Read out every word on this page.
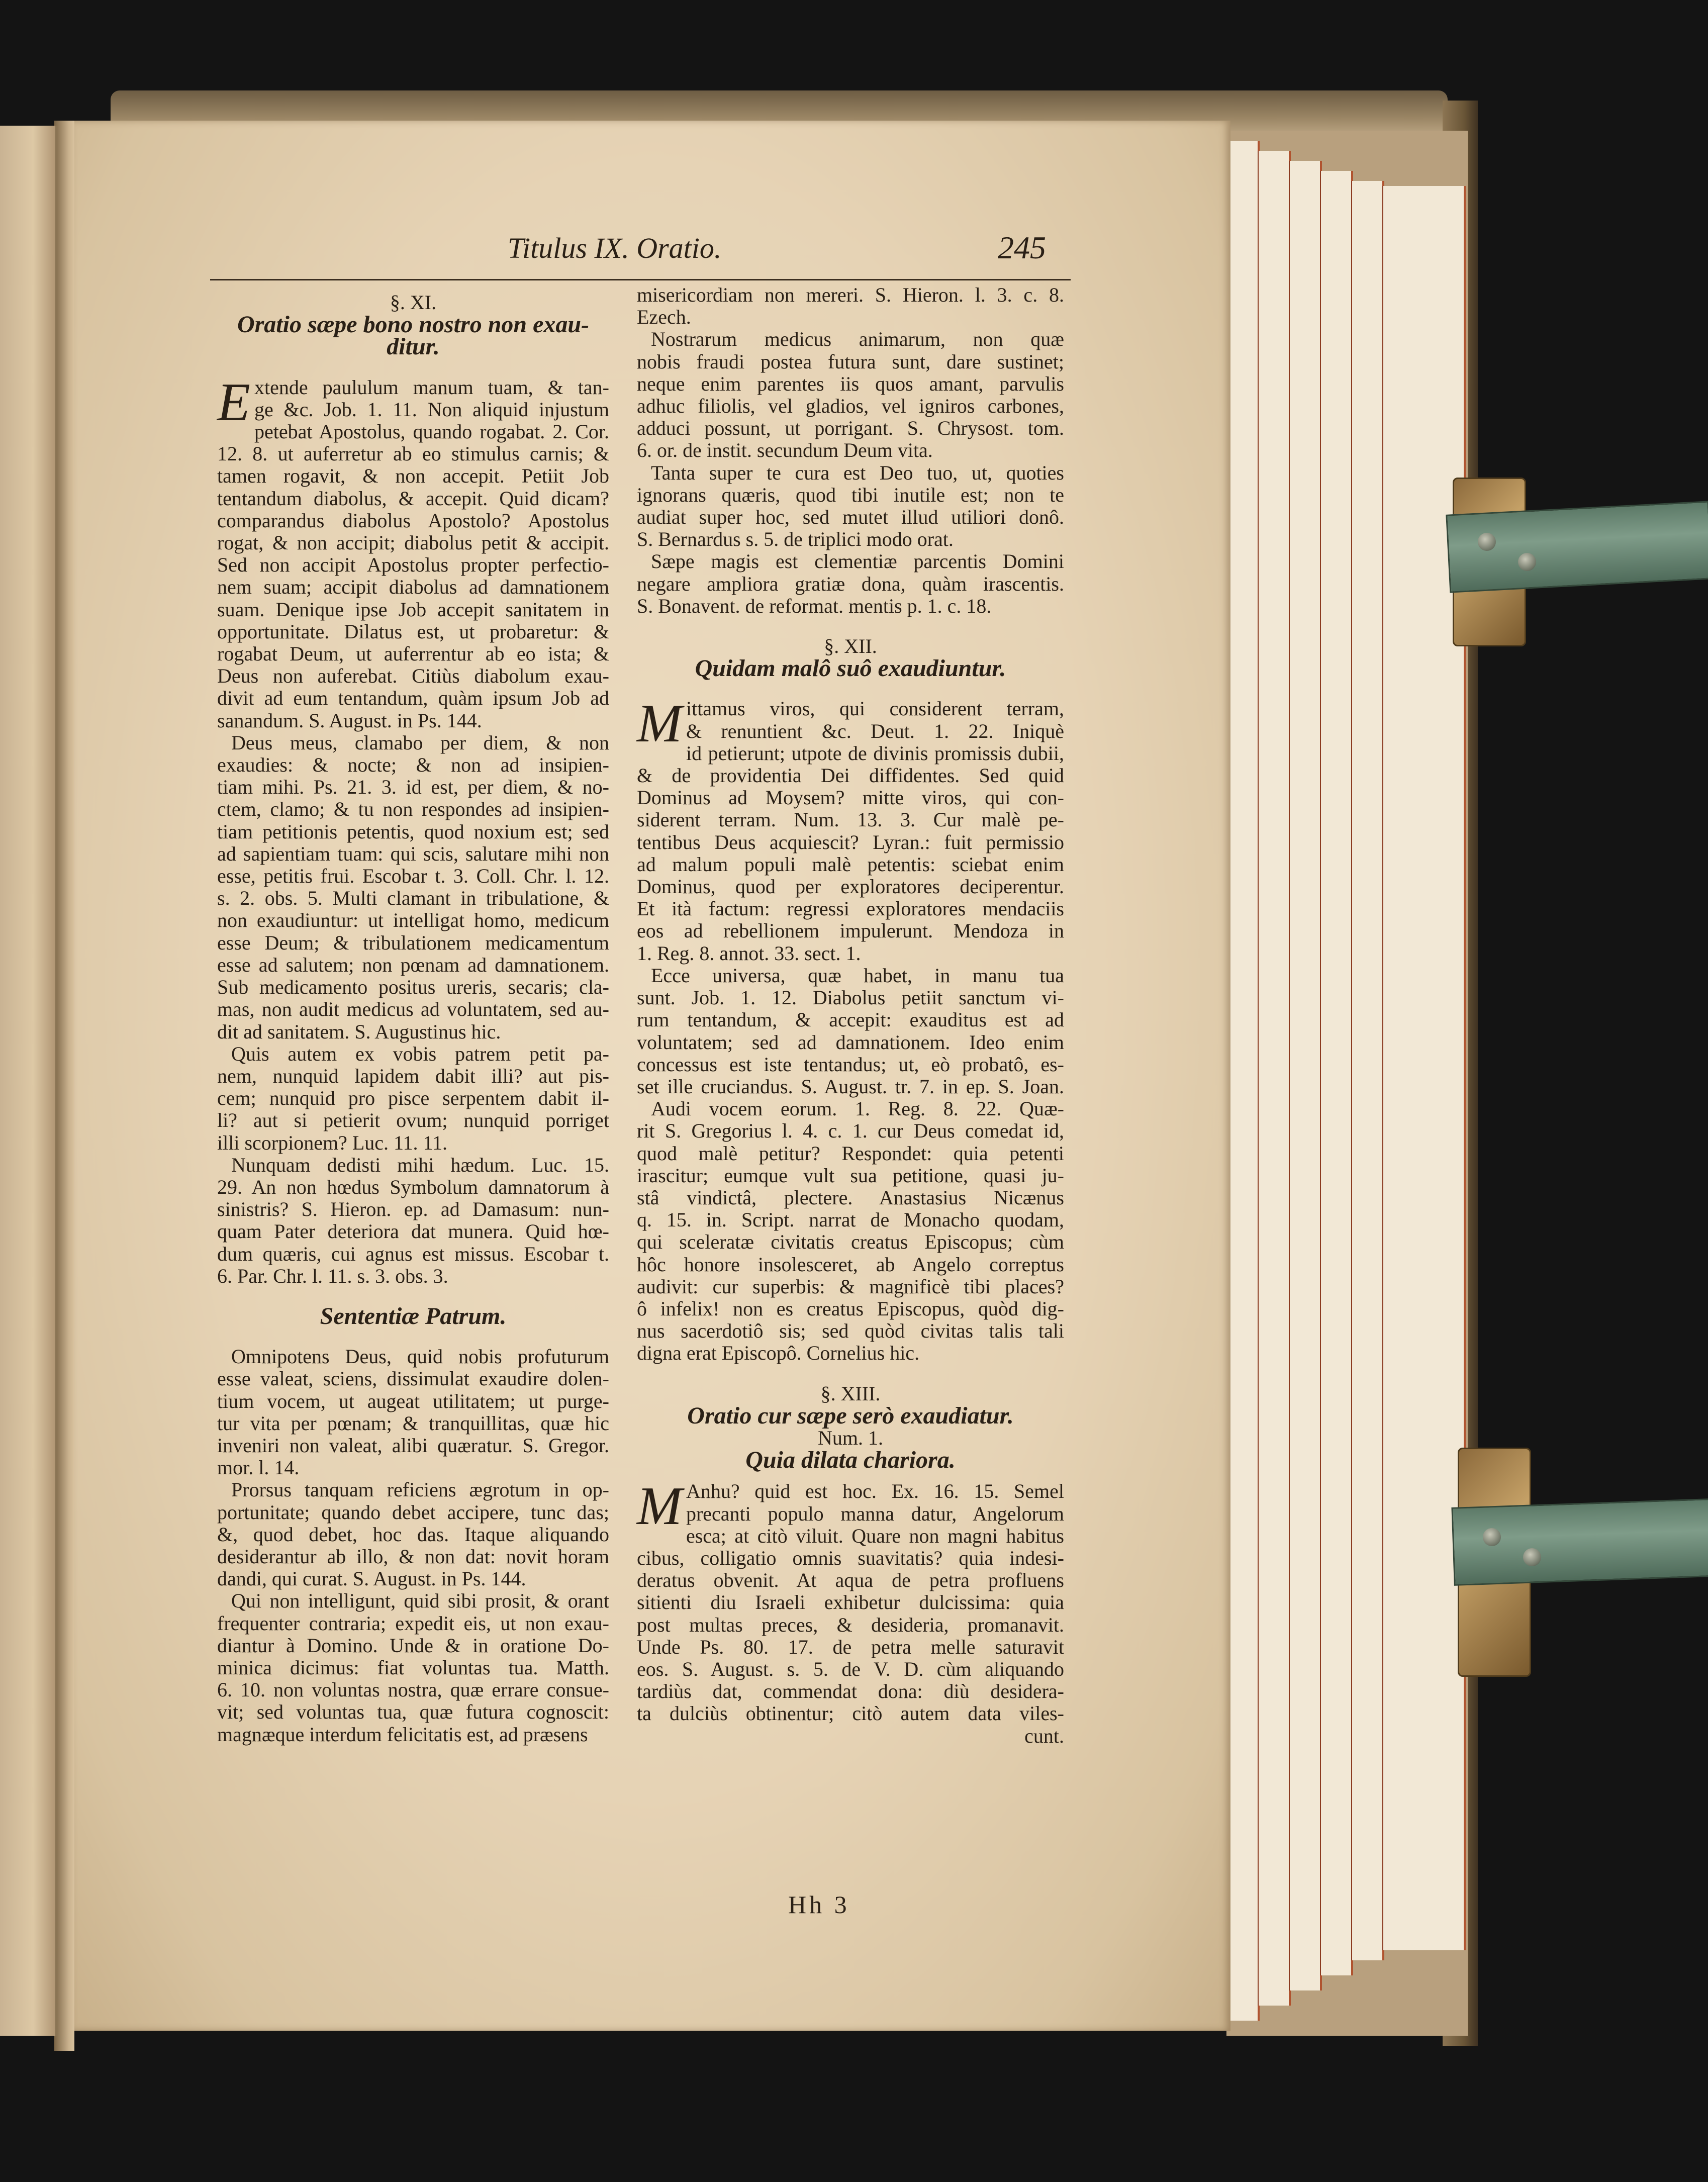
Titulus IX. Oratio.	245
§. XI.
Oratio sæpe bono nostro non exau-
ditur.
E xtende paululum manum tuam, & tan-
ge &c. Job. 1. 11. Non aliquid injustum
petebat Apostolus, quando rogabat. 2. Cor.
12. 8. ut auferretur ab eo stimulus carnis; &
tamen rogavit, & non accepit. Petiit Job
tentandum diabolus, & accepit. Quid dicam?
comparandus diabolus Apostolo? Apostolus
rogat, & non accipit; diabolus petit & accipit.
Sed non accipit Apostolus propter perfectio-
nem suam; accipit diabolus ad damnationem
suam. Denique ipse Job accepit sanitatem in
opportunitate. Dilatus est, ut probaretur: &
rogabat Deum, ut auferrentur ab eo ista; &
Deus non auferebat. Citiùs diabolum exau-
divit ad eum tentandum, quàm ipsum Job ad
sanandum. S. August. in Ps. 144.
Deus meus, clamabo per diem, & non
exaudies: & nocte; & non ad insipien-
tiam mihi. Ps. 21. 3. id est, per diem, & no-
ctem, clamo; & tu non respondes ad insipien-
tiam petitionis petentis, quod noxium est; sed
ad sapientiam tuam: qui scis, salutare mihi non
esse, petitis frui. Escobar t. 3. Coll. Chr. l. 12.
s. 2. obs. 5. Multi clamant in tribulatione, &
non exaudiuntur: ut intelligat homo, medicum
esse Deum; & tribulationem medicamentum
esse ad salutem; non pœnam ad damnationem.
Sub medicamento positus ureris, secaris; cla-
mas, non audit medicus ad voluntatem, sed au-
dit ad sanitatem. S. Augustinus hic.
Quis autem ex vobis patrem petit pa-
nem, nunquid lapidem dabit illi? aut pis-
cem; nunquid pro pisce serpentem dabit il-
li? aut si petierit ovum; nunquid porriget
illi scorpionem? Luc. 11. 11.
Nunquam dedisti mihi hædum. Luc. 15.
29. An non hœdus Symbolum damnatorum à
sinistris? S. Hieron. ep. ad Damasum: nun-
quam Pater deteriora dat munera. Quid hœ-
dum quæris, cui agnus est missus. Escobar t.
6. Par. Chr. l. 11. s. 3. obs. 3.
Sententiæ Patrum.
Omnipotens Deus, quid nobis profuturum
esse valeat, sciens, dissimulat exaudire dolen-
tium vocem, ut augeat utilitatem; ut purge-
tur vita per pœnam; & tranquillitas, quæ hic
inveniri non valeat, alibi quæratur. S. Gregor.
mor. l. 14.
Prorsus tanquam reficiens ægrotum in op-
portunitate; quando debet accipere, tunc das;
&, quod debet, hoc das. Itaque aliquando
desiderantur ab illo, & non dat: novit horam
dandi, qui curat. S. August. in Ps. 144.
Qui non intelligunt, quid sibi prosit, & orant
frequenter contraria; expedit eis, ut non exau-
diantur à Domino. Unde & in oratione Do-
minica dicimus: fiat voluntas tua. Matth.
6. 10. non voluntas nostra, quæ errare consue-
vit; sed voluntas tua, quæ futura cognoscit:
magnæque interdum felicitatis est, ad præsens
misericordiam non mereri. S. Hieron. l. 3. c. 8.
Ezech.
Nostrarum medicus animarum, non quæ
nobis fraudi postea futura sunt, dare sustinet;
neque enim parentes iis quos amant, parvulis
adhuc filiolis, vel gladios, vel igniros carbones,
adduci possunt, ut porrigant. S. Chrysost. tom.
6. or. de instit. secundum Deum vita.
Tanta super te cura est Deo tuo, ut, quoties
ignorans quæris, quod tibi inutile est; non te
audiat super hoc, sed mutet illud utiliori donô.
S. Bernardus s. 5. de triplici modo orat.
Sæpe magis est clementiæ parcentis Domini
negare ampliora gratiæ dona, quàm irascentis.
S. Bonavent. de reformat. mentis p. 1. c. 18.
§. XII.
Quidam malô suô exaudiuntur.
M ittamus viros, qui considerent terram,
& renuntient &c. Deut. 1. 22. Iniquè
id petierunt; utpote de divinis promissis dubii,
& de providentia Dei diffidentes. Sed quid
Dominus ad Moysem? mitte viros, qui con-
siderent terram. Num. 13. 3. Cur malè pe-
tentibus Deus acquiescit? Lyran.: fuit permissio
ad malum populi malè petentis: sciebat enim
Dominus, quod per exploratores deciperentur.
Et ità factum: regressi exploratores mendaciis
eos ad rebellionem impulerunt. Mendoza in
1. Reg. 8. annot. 33. sect. 1.
Ecce universa, quæ habet, in manu tua
sunt. Job. 1. 12. Diabolus petiit sanctum vi-
rum tentandum, & accepit: exauditus est ad
voluntatem; sed ad damnationem. Ideo enim
concessus est iste tentandus; ut, eò probatô, es-
set ille cruciandus. S. August. tr. 7. in ep. S. Joan.
Audi vocem eorum. 1. Reg. 8. 22. Quæ-
rit S. Gregorius l. 4. c. 1. cur Deus comedat id,
quod malè petitur? Respondet: quia petenti
irascitur; eumque vult sua petitione, quasi ju-
stâ vindictâ, plectere. Anastasius Nicænus
q. 15. in. Script. narrat de Monacho quodam,
qui sceleratæ civitatis creatus Episcopus; cùm
hôc honore insolesceret, ab Angelo correptus
audivit: cur superbis: & magnificè tibi places?
ô infelix! non es creatus Episcopus, quòd dig-
nus sacerdotiô sis; sed quòd civitas talis tali
digna erat Episcopô. Cornelius hic.
§. XIII.
Oratio cur sæpe serò exaudiatur.
Num. 1.
Quia dilata chariora.
M Anhu? quid est hoc. Ex. 16. 15. Semel
precanti populo manna datur, Angelorum
esca; at citò viluit. Quare non magni habitus
cibus, colligatio omnis suavitatis? quia indesi-
deratus obvenit. At aqua de petra profluens
sitienti diu Israeli exhibetur dulcissima: quia
post multas preces, & desideria, promanavit.
Unde Ps. 80. 17. de petra melle saturavit
eos. S. August. s. 5. de V. D. cùm aliquando
tardiùs dat, commendat dona: diù desidera-
ta dulciùs obtinentur; citò autem data viles-
cunt.
Hh 3
